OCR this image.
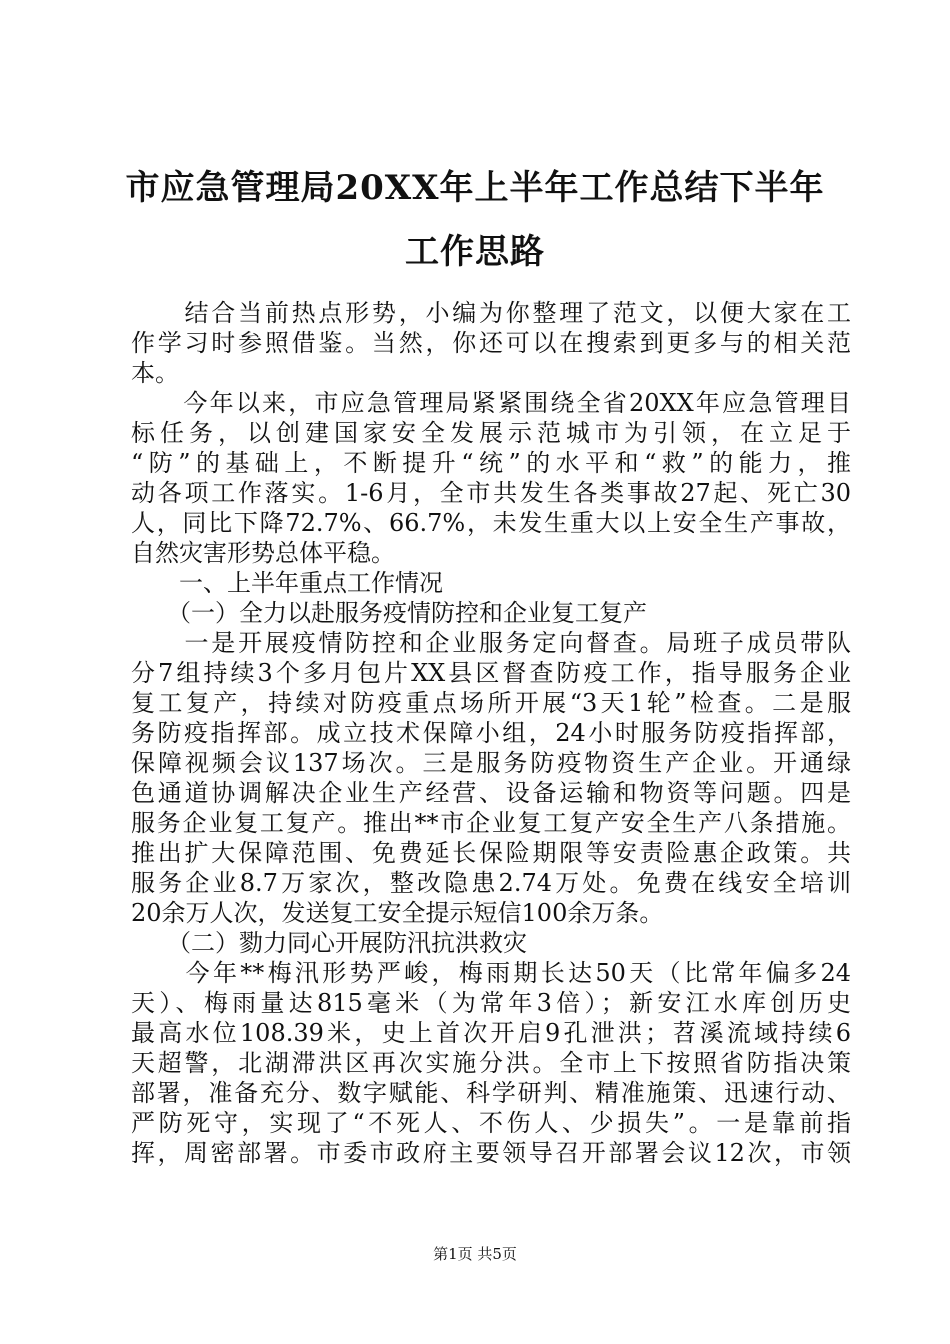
市应急管理局20XX年上半年工作总结下半年
工作思路
　　结合当前热点形势，小编为你整理了范文，以便大家在工
作学习时参照借鉴。当然，你还可以在搜索到更多与的相关范
本。
　　今年以来，市应急管理局紧紧围绕全省20XX年应急管理目
标任务，以创建国家安全发展示范城市为引领，在立足于
“防”的基础上，不断提升“统”的水平和“救”的能力，推
动各项工作落实。1-6月，全市共发生各类事故27起、死亡30
人，同比下降72.7%、66.7%，未发生重大以上安全生产事故，
自然灾害形势总体平稳。
　　一、上半年重点工作情况
　　（一）全力以赴服务疫情防控和企业复工复产
　　一是开展疫情防控和企业服务定向督查。局班子成员带队
分7组持续3个多月包片XX县区督查防疫工作，指导服务企业
复工复产，持续对防疫重点场所开展“3天1轮”检查。二是服
务防疫指挥部。成立技术保障小组，24小时服务防疫指挥部，
保障视频会议137场次。三是服务防疫物资生产企业。开通绿
色通道协调解决企业生产经营、设备运输和物资等问题。四是
服务企业复工复产。推出**市企业复工复产安全生产八条措施。
推出扩大保障范围、免费延长保险期限等安责险惠企政策。共
服务企业8.7万家次，整改隐患2.74万处。免费在线安全培训
20余万人次，发送复工安全提示短信100余万条。
　　（二）勠力同心开展防汛抗洪救灾
　　今年**梅汛形势严峻，梅雨期长达50天（比常年偏多24
天）、梅雨量达815毫米（为常年3倍）；新安江水库创历史
最高水位108.39米，史上首次开启9孔泄洪；苕溪流域持续6
天超警，北湖滞洪区再次实施分洪。全市上下按照省防指决策
部署，准备充分、数字赋能、科学研判、精准施策、迅速行动、
严防死守，实现了“不死人、不伤人、少损失”。一是靠前指
挥，周密部署。市委市政府主要领导召开部署会议12次，市领
第1页 共5页
